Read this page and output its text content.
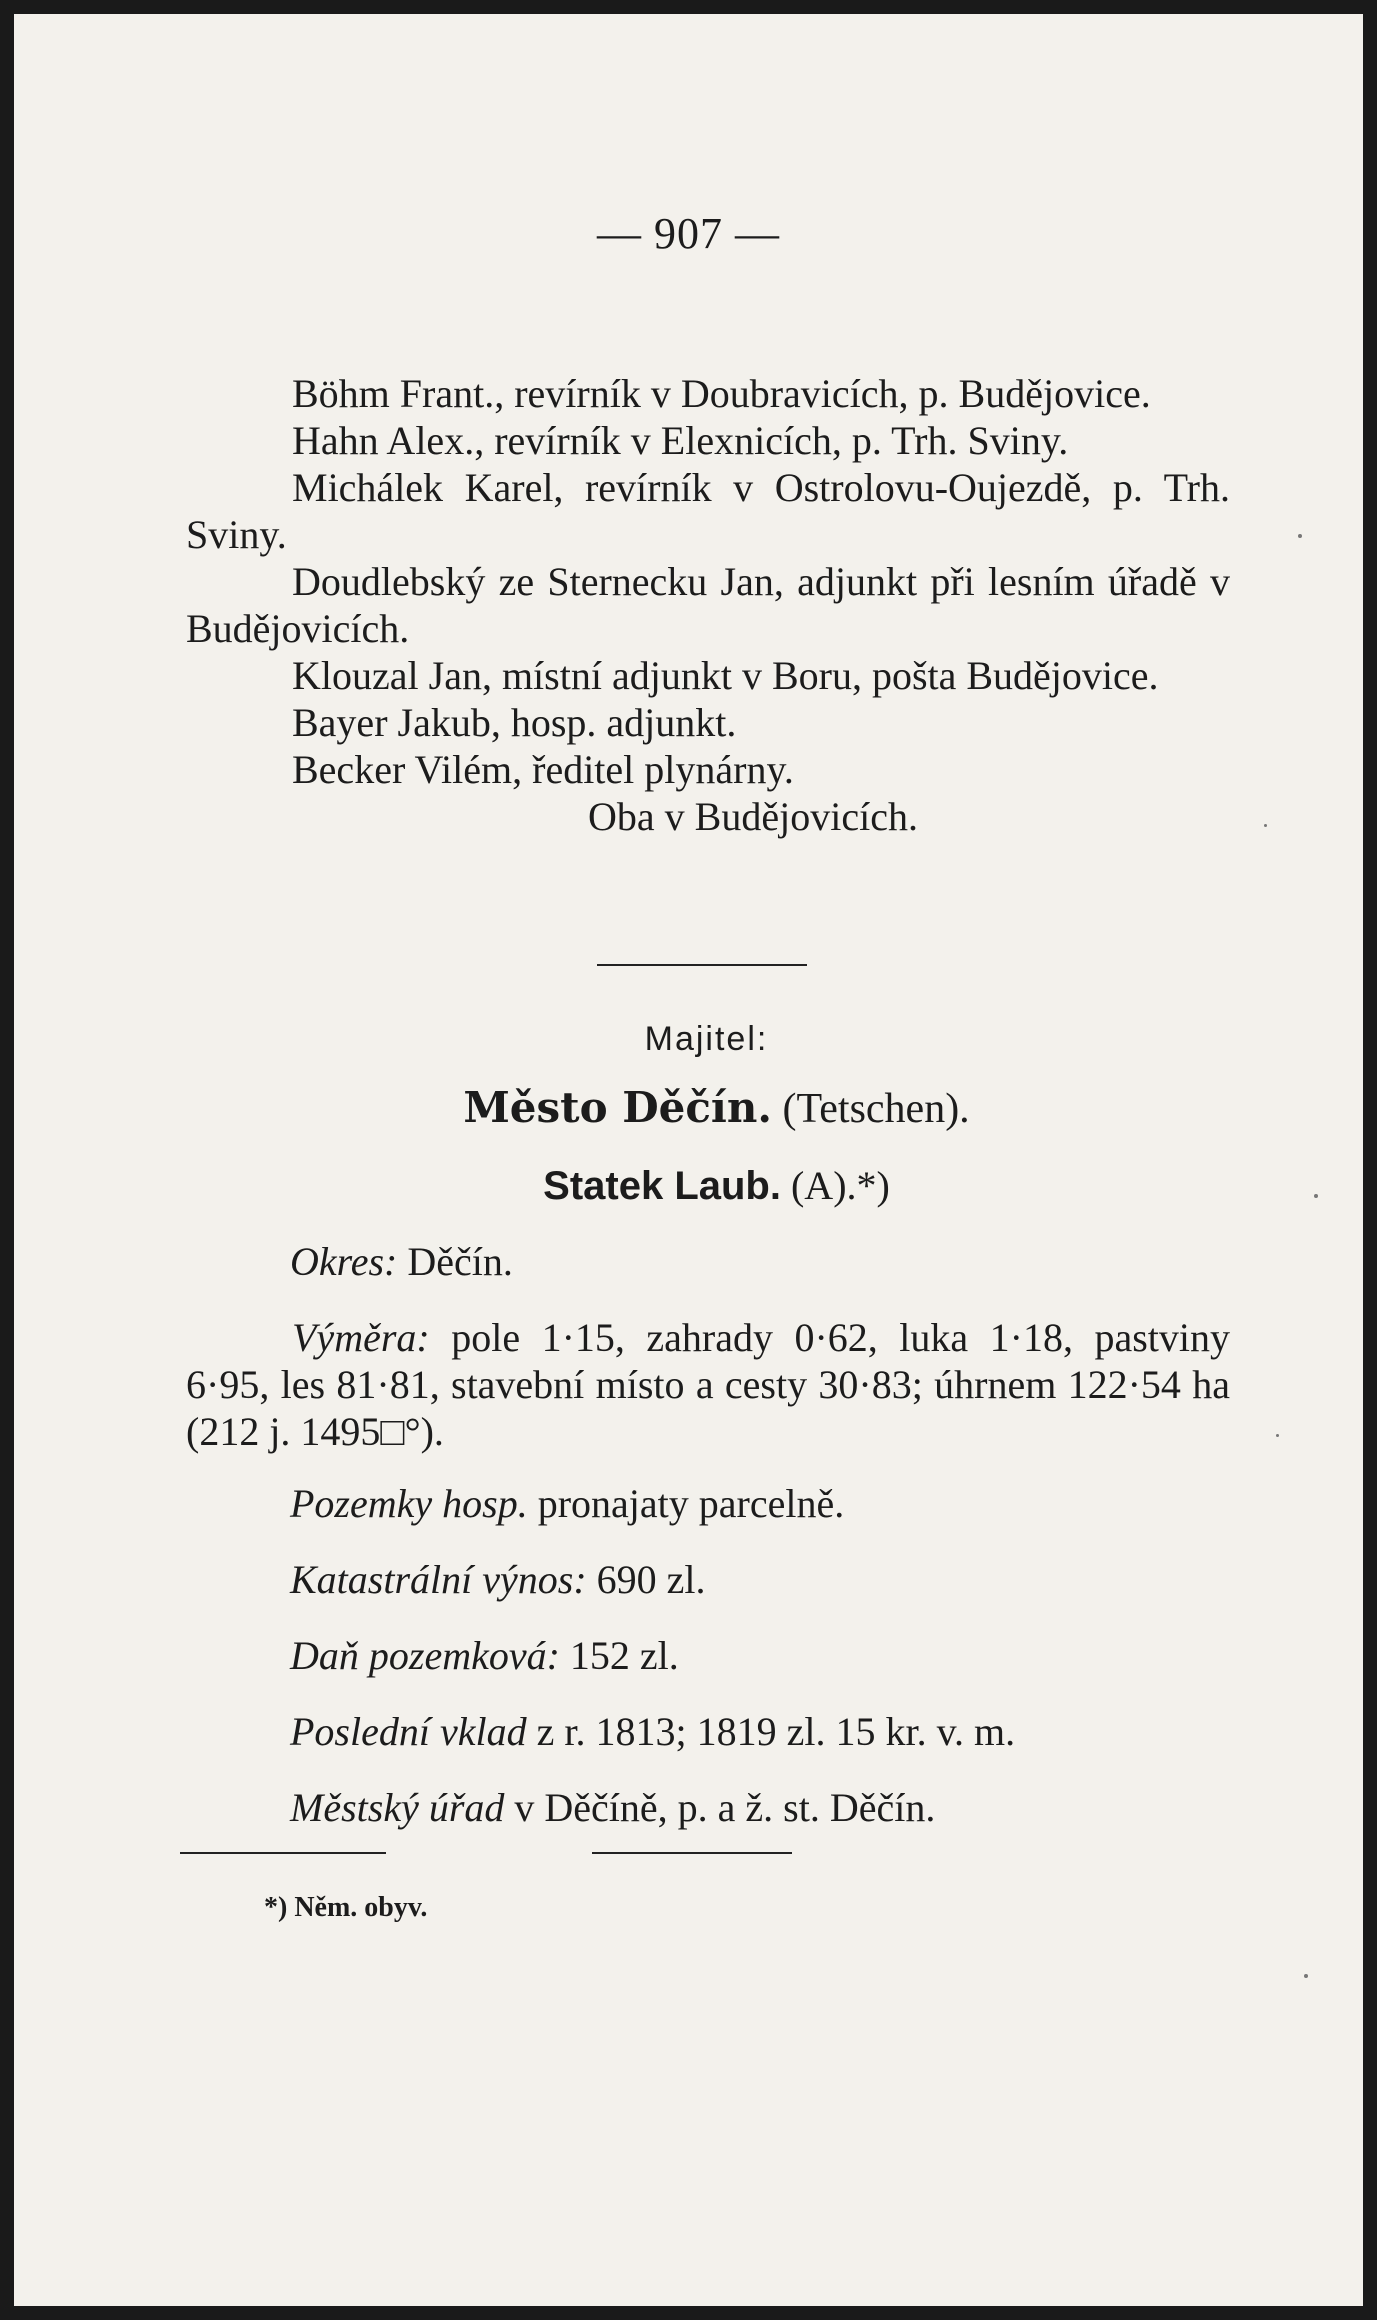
— 907 —

Böhm Frant., revírník v Doubravicích, p. Budějovice.

Hahn Alex., revírník v Elexnicích, p. Trh. Sviny.

Michálek Karel, revírník v Ostrolovu-Oujezdě, p. Trh. Sviny.

Doudlebský ze Sternecku Jan, adjunkt při lesním úřadě v Budějovicích.

Klouzal Jan, místní adjunkt v Boru, pošta Budějovice.

Bayer Jakub, hosp. adjunkt.

Becker Vilém, ředitel plynárny.

Oba v Budějovicích.

Majitel:
Město Děčín. (Tetschen).
Statek Laub. (A).*)
Okres: Děčín.

Výměra: pole 1·15, zahrady 0·62, luka 1·18, pastviny 6·95, les 81·81, stavební místo a cesty 30·83; úhrnem 122·54 ha (212 j. 1495□°).

Pozemky hosp. pronajaty parcelně.
Katastrální výnos: 690 zl.
Daň pozemková: 152 zl.
Poslední vklad z r. 1813; 1819 zl. 15 kr. v. m.
Městský úřad v Děčíně, p. a ž. st. Děčín.
*) Něm. obyv.
